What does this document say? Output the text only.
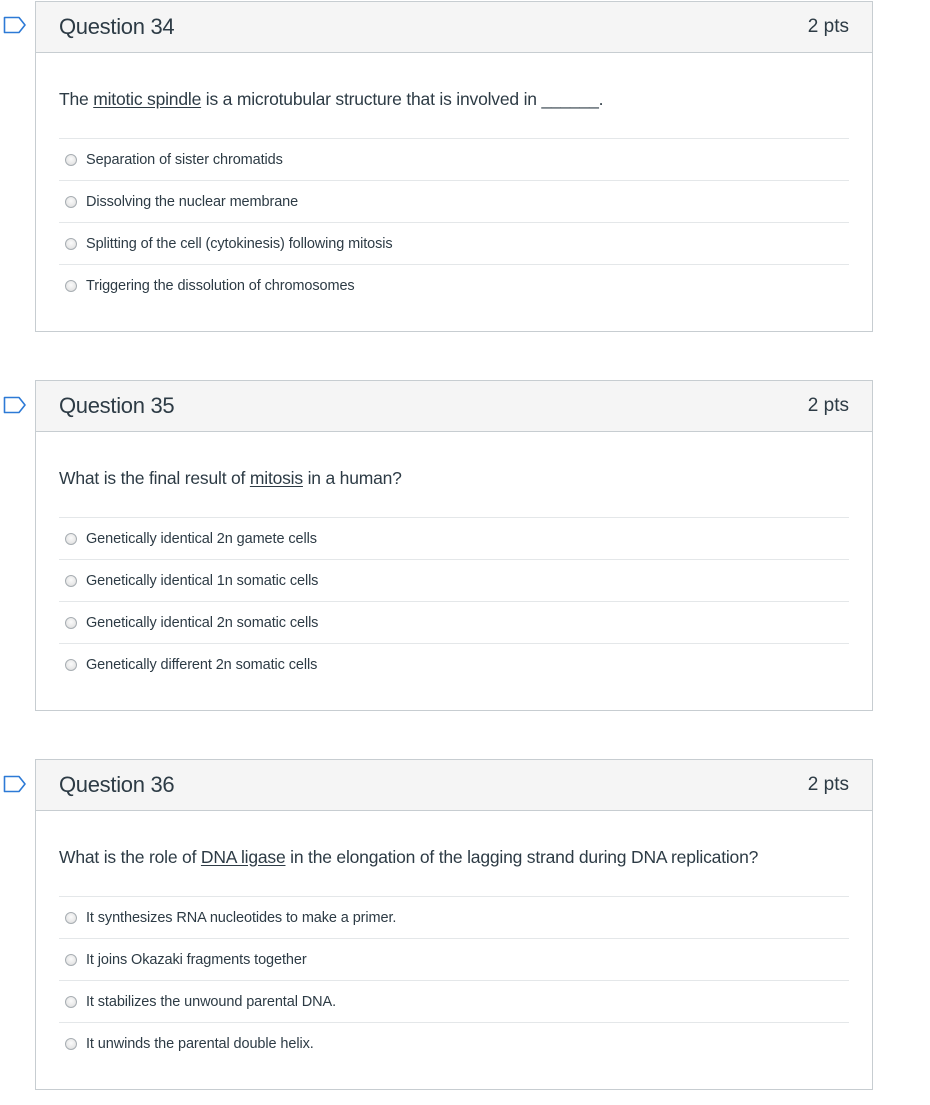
Question 34	2 pts
The mitotic spindle is a microtubular structure that is involved in ______.
Separation of sister chromatids
Dissolving the nuclear membrane
Splitting of the cell (cytokinesis) following mitosis
Triggering the dissolution of chromosomes
Question 35	2 pts
What is the final result of mitosis in a human?
Genetically identical 2n gamete cells
Genetically identical 1n somatic cells
Genetically identical 2n somatic cells
Genetically different 2n somatic cells
Question 36	2 pts
What is the role of DNA ligase in the elongation of the lagging strand during DNA replication?
It synthesizes RNA nucleotides to make a primer.
It joins Okazaki fragments together
It stabilizes the unwound parental DNA.
It unwinds the parental double helix.
